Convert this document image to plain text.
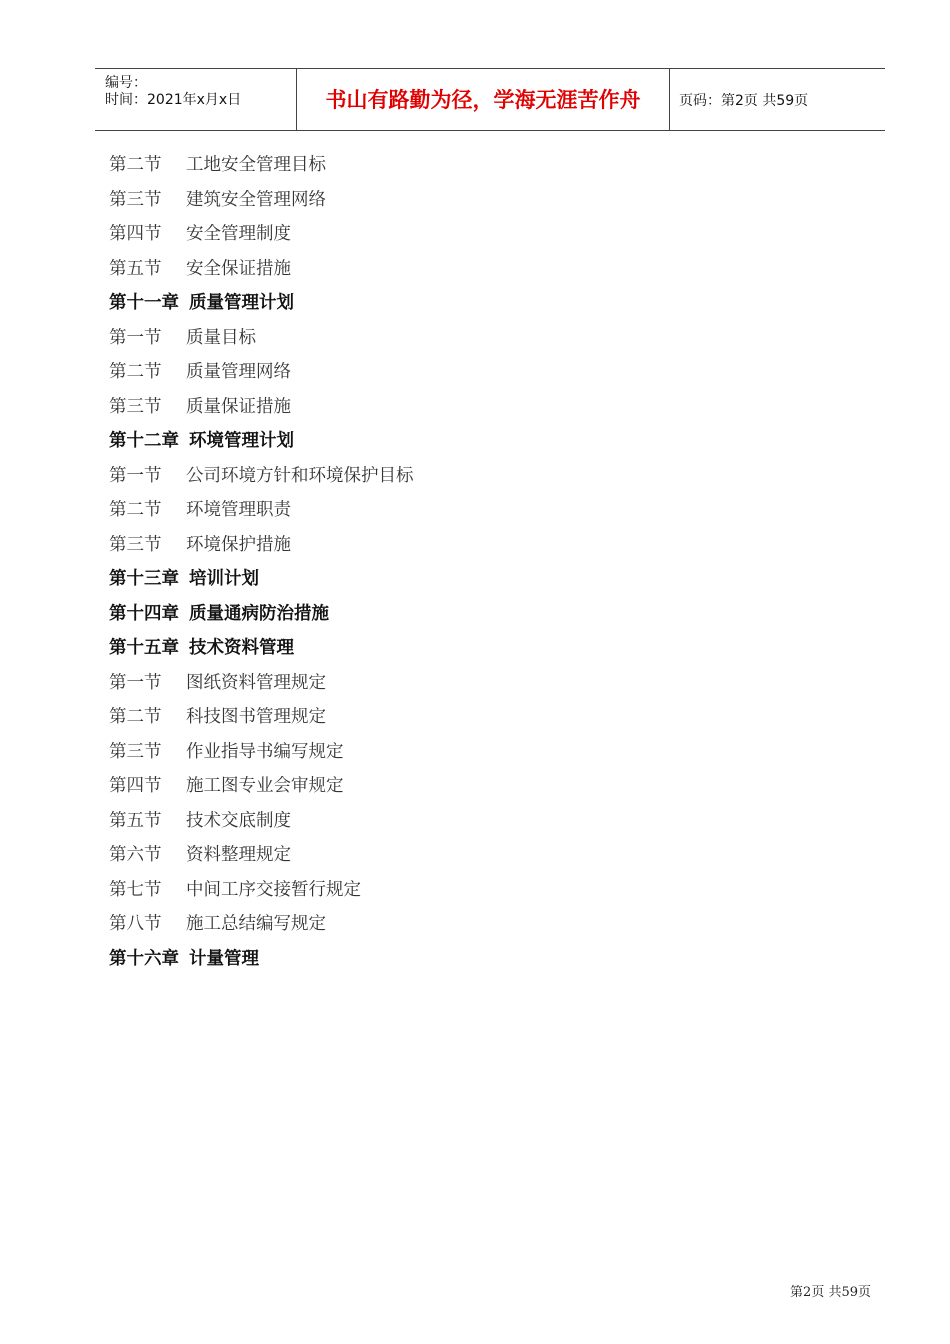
编号：
时间：2021年x月x日	书山有路勤为径，学海无涯苦作舟	页码：第2页 共59页
第二节 工地安全管理目标
第三节 建筑安全管理网络
第四节 安全管理制度
第五节 安全保证措施
第十一章 质量管理计划
第一节 质量目标
第二节 质量管理网络
第三节 质量保证措施
第十二章 环境管理计划
第一节 公司环境方针和环境保护目标
第二节 环境管理职责
第三节 环境保护措施
第十三章 培训计划
第十四章 质量通病防治措施
第十五章 技术资料管理
第一节 图纸资料管理规定
第二节 科技图书管理规定
第三节 作业指导书编写规定
第四节 施工图专业会审规定
第五节 技术交底制度
第六节 资料整理规定
第七节 中间工序交接暂行规定
第八节 施工总结编写规定
第十六章 计量管理
第2页 共59页
